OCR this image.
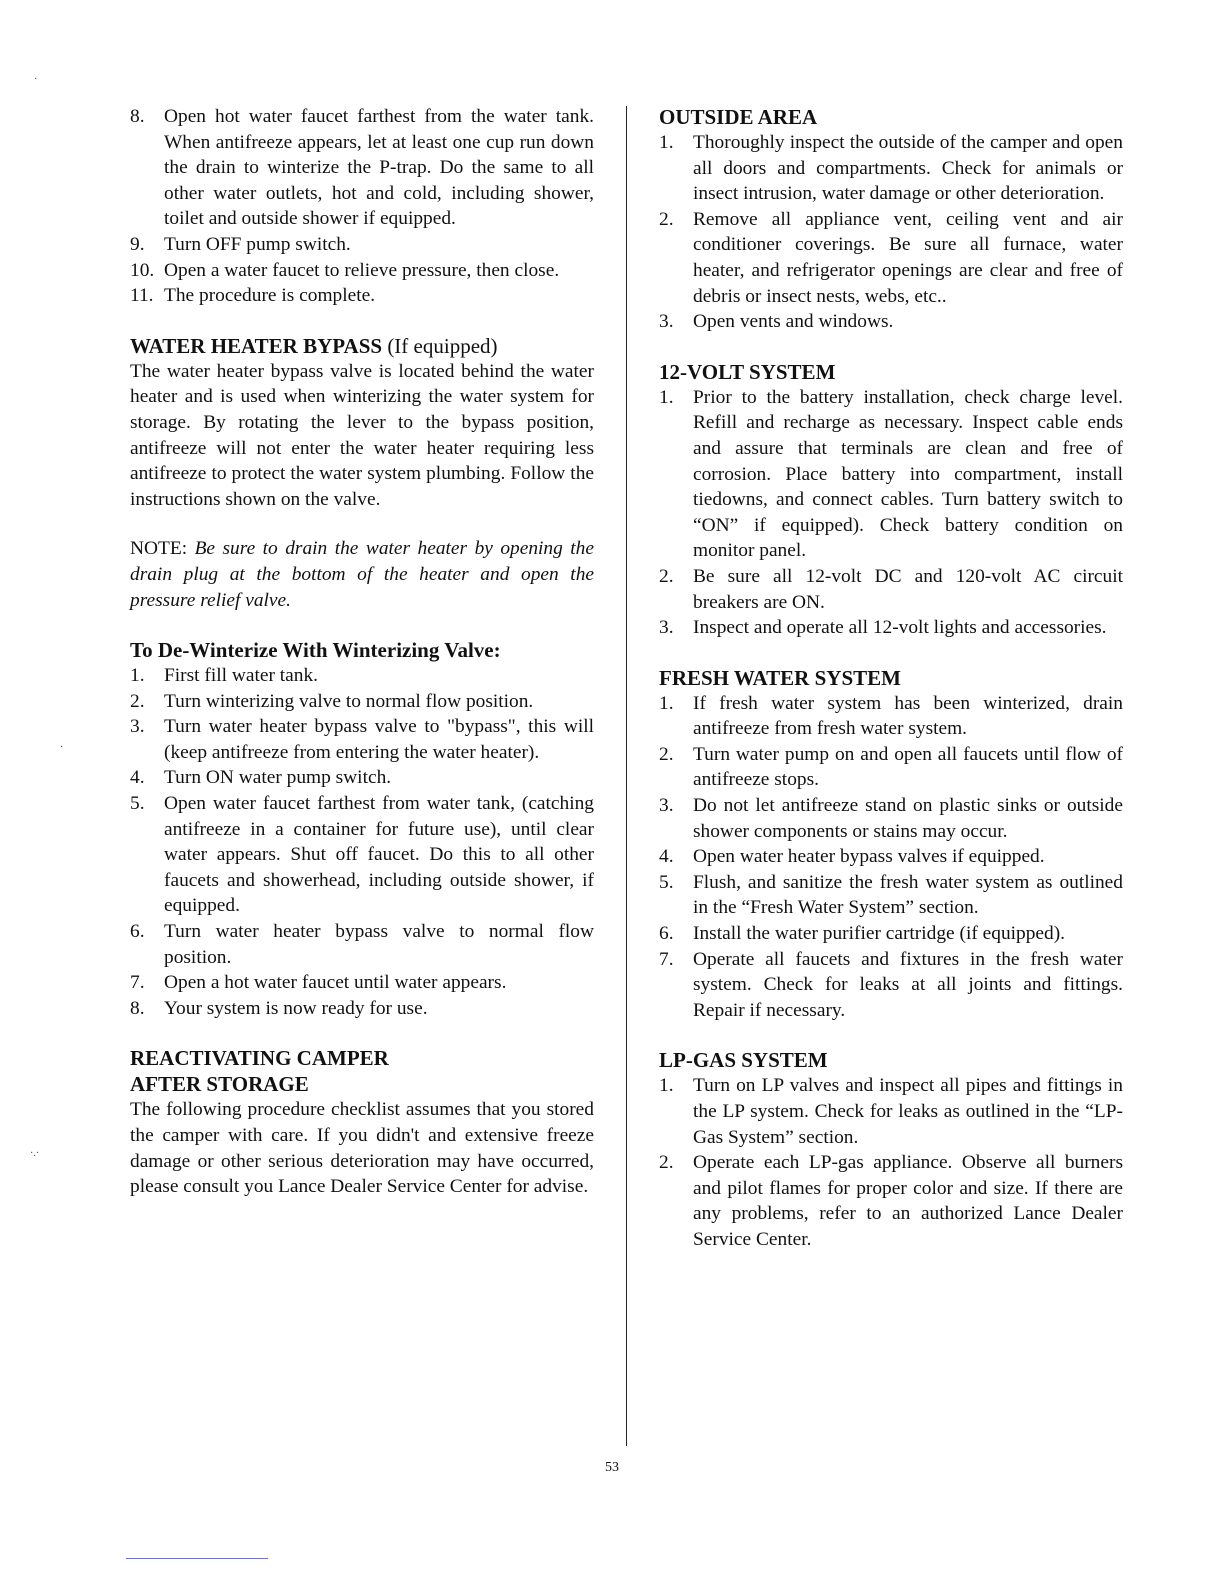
8. Open hot water faucet farthest from the water tank. When antifreeze appears, let at least one cup run down the drain to winterize the P-trap. Do the same to all other water outlets, hot and cold, including shower, toilet and outside shower if equipped.
9. Turn OFF pump switch.
10. Open a water faucet to relieve pressure, then close.
11. The procedure is complete.

WATER HEATER BYPASS (If equipped)

The water heater bypass valve is located behind the water heater and is used when winterizing the water system for storage. By rotating the lever to the bypass position, antifreeze will not enter the water heater requiring less antifreeze to protect the water system plumbing. Follow the instructions shown on the valve.

NOTE: Be sure to drain the water heater by opening the drain plug at the bottom of the heater and open the pressure relief valve.

To De-Winterize With Winterizing Valve:

1. First fill water tank.
2. Turn winterizing valve to normal flow position.
3. Turn water heater bypass valve to "bypass", this will (keep antifreeze from entering the water heater).
4. Turn ON water pump switch.
5. Open water faucet farthest from water tank, (catching antifreeze in a container for future use), until clear water appears. Shut off faucet. Do this to all other faucets and showerhead, including outside shower, if equipped.
6. Turn water heater bypass valve to normal flow position.
7. Open a hot water faucet until water appears.
8. Your system is now ready for use.

REACTIVATING CAMPER
AFTER STORAGE

The following procedure checklist assumes that you stored the camper with care. If you didn't and extensive freeze damage or other serious deterioration may have occurred, please consult you Lance Dealer Service Center for advise.

OUTSIDE AREA

1. Thoroughly inspect the outside of the camper and open all doors and compartments. Check for animals or insect intrusion, water damage or other deterioration.
2. Remove all appliance vent, ceiling vent and air conditioner coverings. Be sure all furnace, water heater, and refrigerator openings are clear and free of debris or insect nests, webs, etc..
3. Open vents and windows.

12-VOLT SYSTEM

1. Prior to the battery installation, check charge level. Refill and recharge as necessary. Inspect cable ends and assure that terminals are clean and free of corrosion. Place battery into compartment, install tiedowns, and connect cables. Turn battery switch to “ON” if equipped). Check battery condition on monitor panel.
2. Be sure all 12-volt DC and 120-volt AC circuit breakers are ON.
3. Inspect and operate all 12-volt lights and accessories.

FRESH WATER SYSTEM

1. If fresh water system has been winterized, drain antifreeze from fresh water system.
2. Turn water pump on and open all faucets until flow of antifreeze stops.
3. Do not let antifreeze stand on plastic sinks or outside shower components or stains may occur.
4. Open water heater bypass valves if equipped.
5. Flush, and sanitize the fresh water system as outlined in the “Fresh Water System” section.
6. Install the water purifier cartridge (if equipped).
7. Operate all faucets and fixtures in the fresh water system. Check for leaks at all joints and fittings. Repair if necessary.

LP-GAS SYSTEM

1. Turn on LP valves and inspect all pipes and fittings in the LP system. Check for leaks as outlined in the “LP-Gas System” section.
2. Operate each LP-gas appliance. Observe all burners and pilot flames for proper color and size. If there are any problems, refer to an authorized Lance Dealer Service Center.
53
·
·
·.·
